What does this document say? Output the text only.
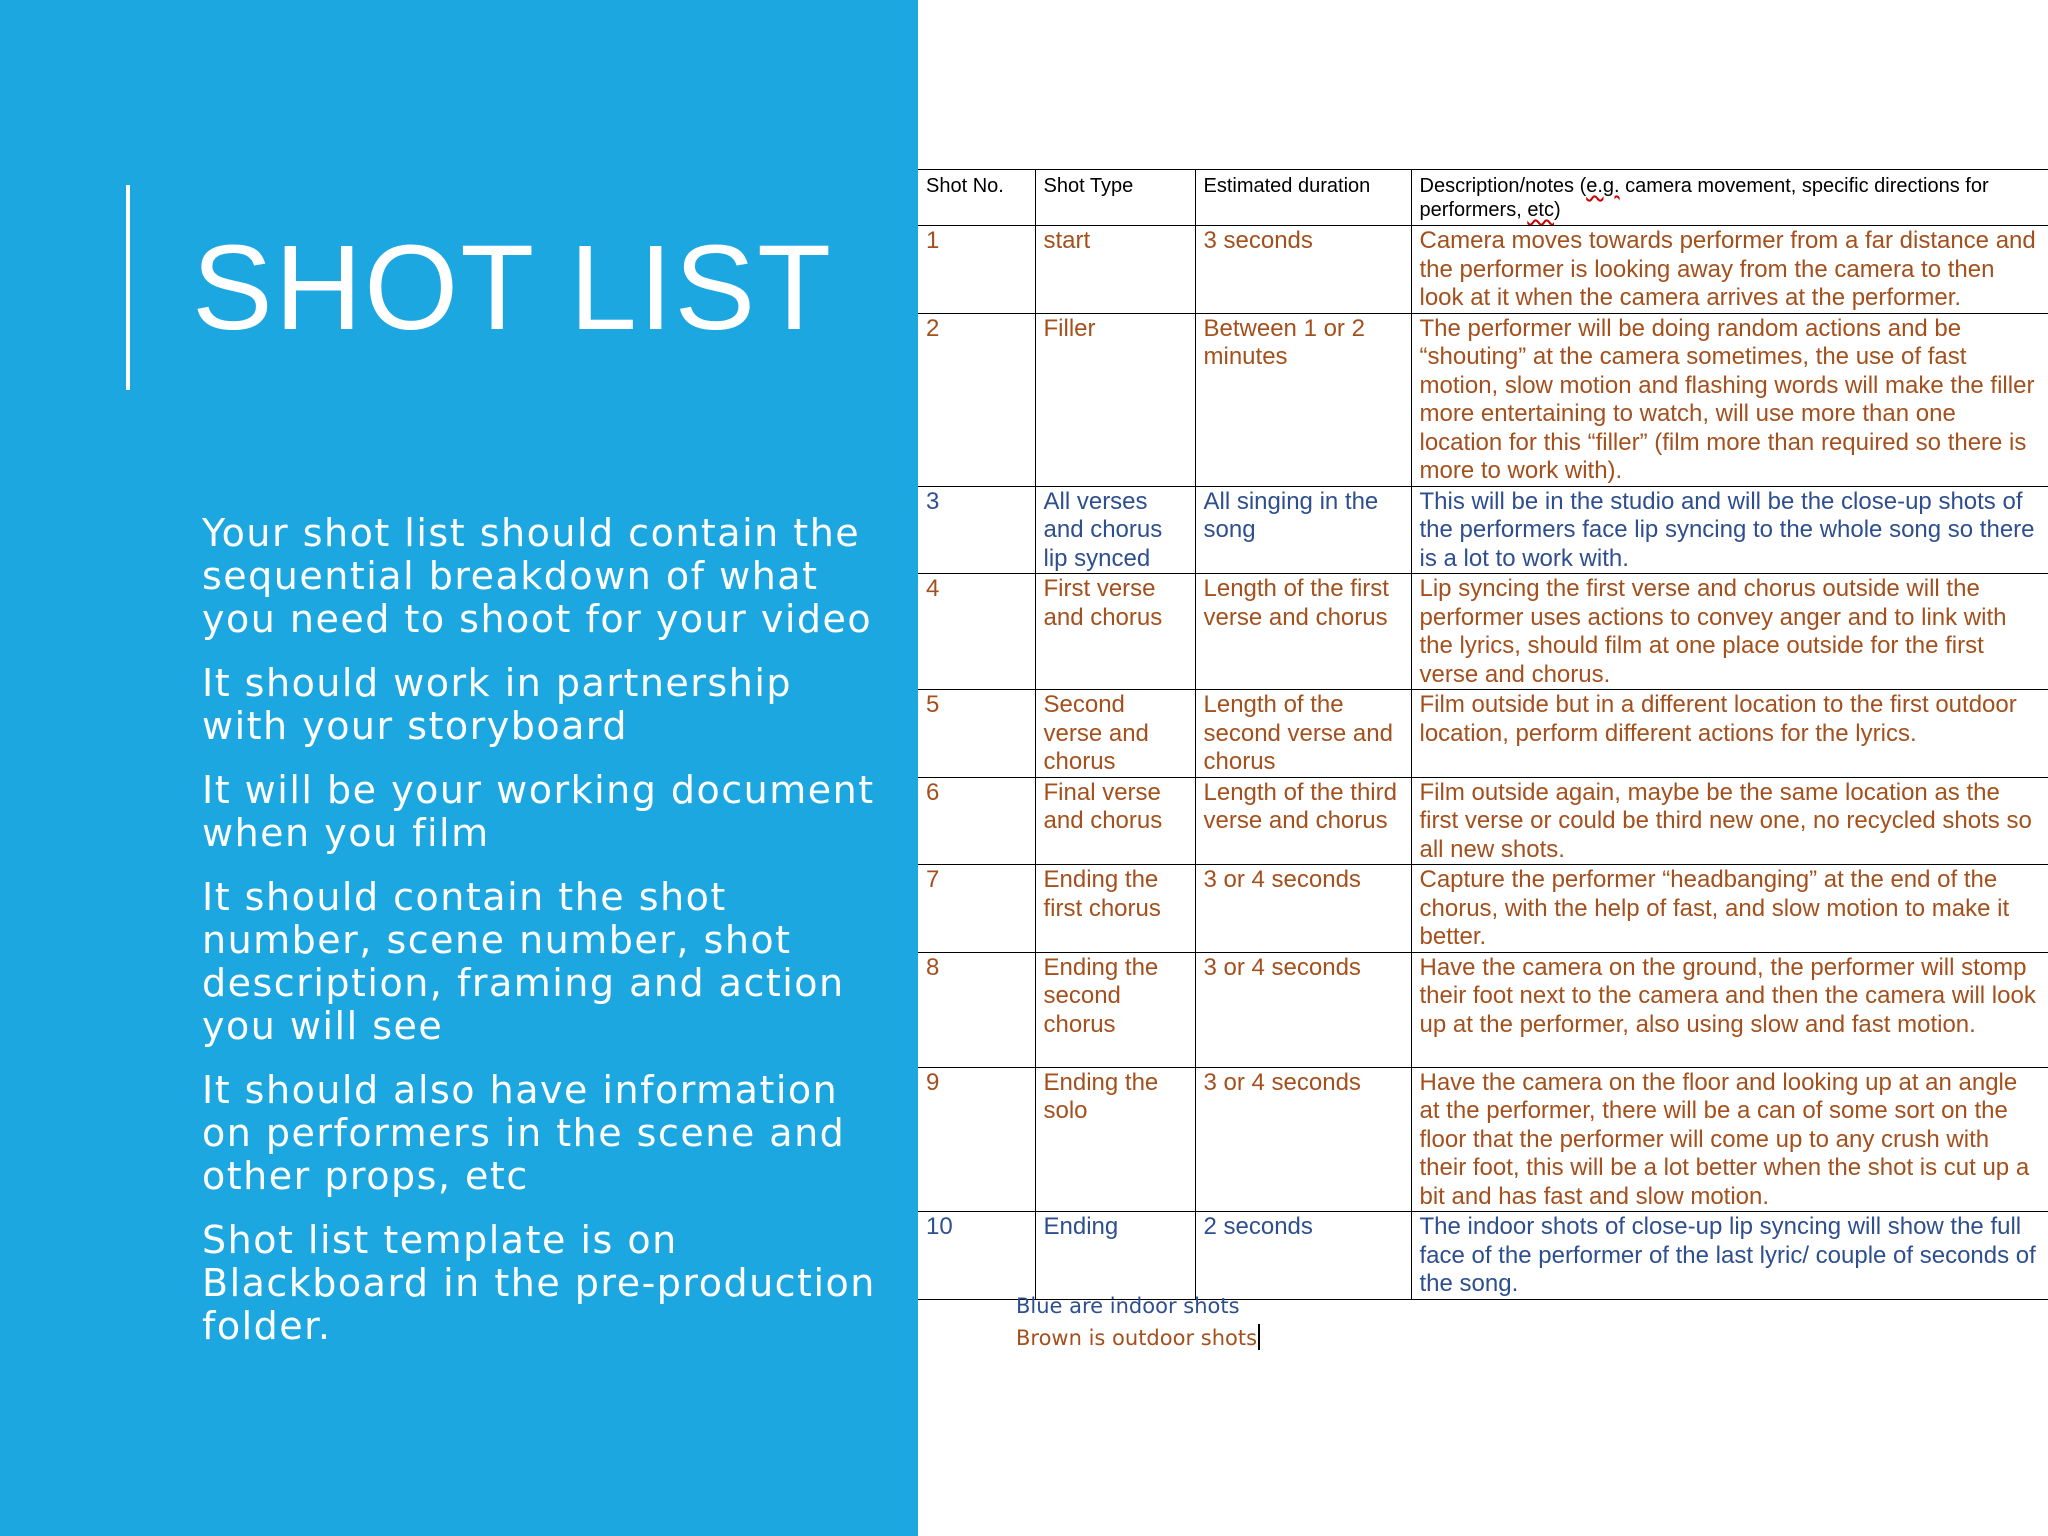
SHOT LIST

Your shot list should contain the sequential breakdown of what you need to shoot for your video

It should work in partnership with your storyboard

It will be your working document when you film

It should contain the shot number, scene number, shot description, framing and action you will see

It should also have information on performers in the scene and other props, etc

Shot list template is on Blackboard in the pre-production folder.

Shot No.	Shot Type	Estimated duration	Description/notes (e.g. camera movement, specific directions for performers, etc)
1	start	3 seconds	Camera moves towards performer from a far distance and the performer is looking away from the camera to then look at it when the camera arrives at the performer.
2	Filler	Between 1 or 2 minutes	The performer will be doing random actions and be “shouting” at the camera sometimes, the use of fast motion, slow motion and flashing words will make the filler more entertaining to watch, will use more than one location for this “filler” (film more than required so there is more to work with).
3	All verses and chorus lip synced	All singing in the song	This will be in the studio and will be the close-up shots of the performers face lip syncing to the whole song so there is a lot to work with.
4	First verse and chorus	Length of the first verse and chorus	Lip syncing the first verse and chorus outside will the performer uses actions to convey anger and to link with the lyrics, should film at one place outside for the first verse and chorus.
5	Second verse and chorus	Length of the second verse and chorus	Film outside but in a different location to the first outdoor location, perform different actions for the lyrics.
6	Final verse and chorus	Length of the third verse and chorus	Film outside again, maybe be the same location as the first verse or could be third new one, no recycled shots so all new shots.
7	Ending the first chorus	3 or 4 seconds	Capture the performer “headbanging” at the end of the chorus, with the help of fast, and slow motion to make it better.
8	Ending the second chorus	3 or 4 seconds	Have the camera on the ground, the performer will stomp their foot next to the camera and then the camera will look up at the performer, also using slow and fast motion.
9	Ending the solo	3 or 4 seconds	Have the camera on the floor and looking up at an angle at the performer, there will be a can of some sort on the floor that the performer will come up to any crush with their foot, this will be a lot better when the shot is cut up a bit and has fast and slow motion.
10	Ending	2 seconds	The indoor shots of close-up lip syncing will show the full face of the performer of the last lyric/ couple of seconds of the song.
Blue are indoor shots
Brown is outdoor shots
